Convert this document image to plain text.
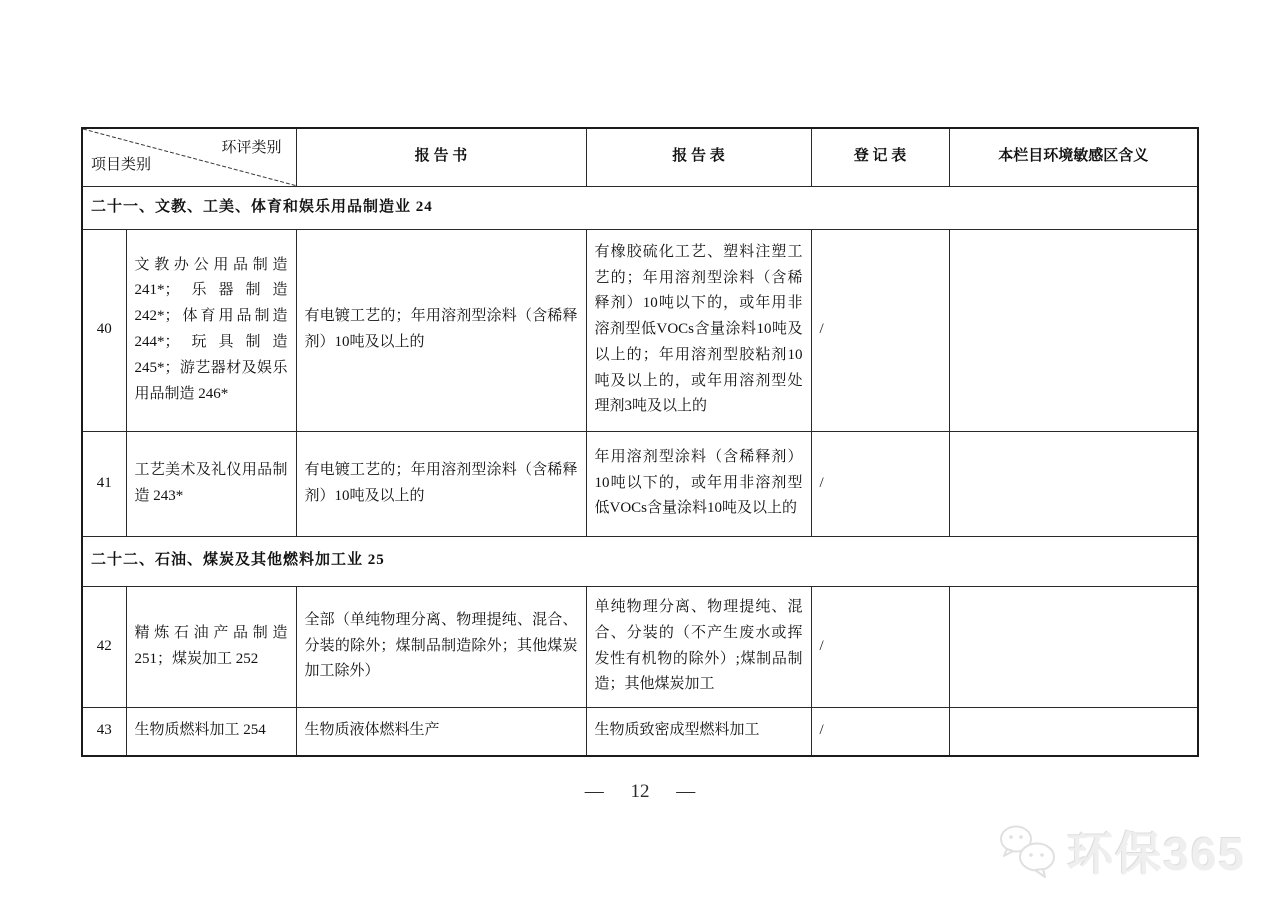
环评类别
项目类别		报 告 书	报 告 表	登 记 表	本栏目环境敏感区含义
二十一、文教、工美、体育和娱乐用品制造业 24					
40	文教办公用品制造 241*；乐器制造 242*；体育用品制造 244*；玩具制造 245*；游艺器材及娱乐用品制造 246*	有电镀工艺的；年用溶剂型涂料（含稀释剂）10吨及以上的	有橡胶硫化工艺、塑料注塑工艺的；年用溶剂型涂料（含稀释剂）10吨以下的，或年用非溶剂型低VOCs含量涂料10吨及以上的；年用溶剂型胶粘剂10吨及以上的，或年用溶剂型处理剂3吨及以上的	/	
41	工艺美术及礼仪用品制造 243*	有电镀工艺的；年用溶剂型涂料（含稀释剂）10吨及以上的	年用溶剂型涂料（含稀释剂）10吨以下的，或年用非溶剂型低VOCs含量涂料10吨及以上的	/	
二十二、石油、煤炭及其他燃料加工业 25					
42	精炼石油产品制造 251；煤炭加工 252	全部（单纯物理分离、物理提纯、混合、分装的除外；煤制品制造除外；其他煤炭加工除外）	单纯物理分离、物理提纯、混合、分装的（不产生废水或挥发性有机物的除外）;煤制品制造；其他煤炭加工	/	
43	生物质燃料加工 254	生物质液体燃料生产	生物质致密成型燃料加工	/	
— 12 —
环保365
